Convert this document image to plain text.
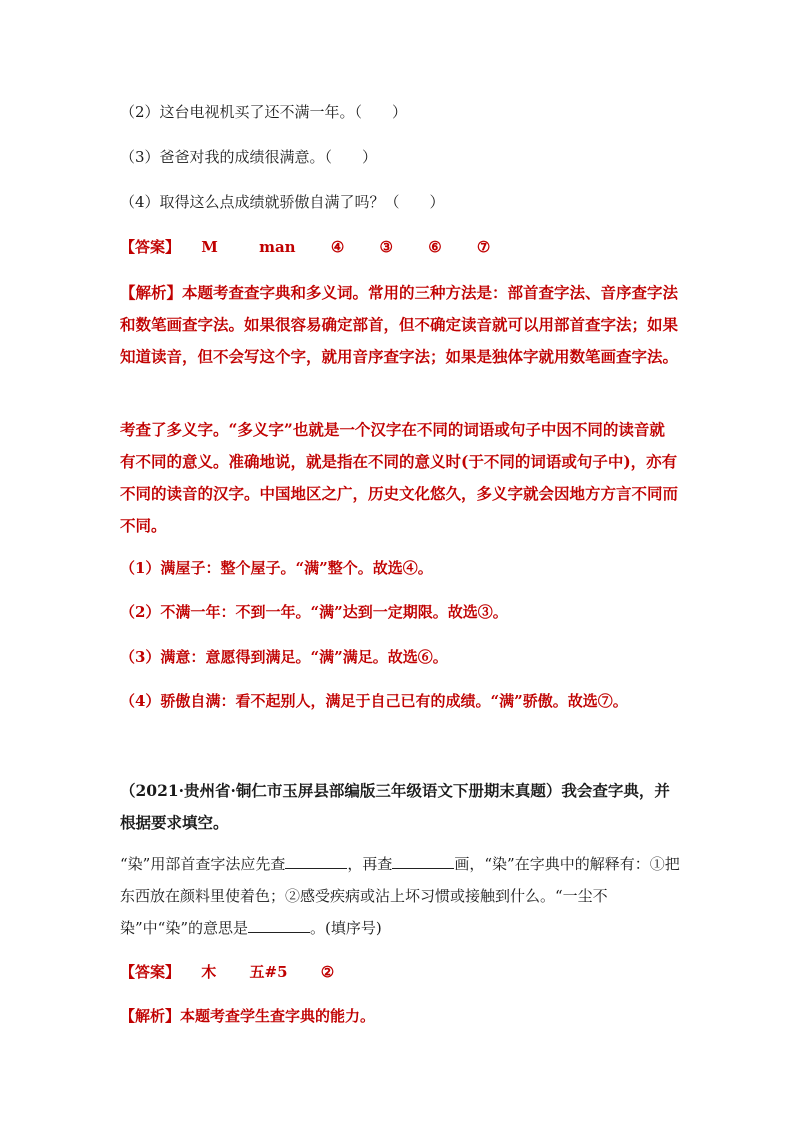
（2）这台电视机买了还不满一年。（　　）
（3）爸爸对我的成绩很满意。（　　）
（4）取得这么点成绩就骄傲自满了吗？（　　）
【答案】 M	man ④ ③ ⑥ ⑦
【解析】本题考查查字典和多义词。常用的三种方法是：部首查字法、音序查字法和数笔画查字法。如果很容易确定部首，但不确定读音就可以用部首查字法；如果知道读音，但不会写这个字，就用音序查字法；如果是独体字就用数笔画查字法。
考查了多义字。“多义字”也就是一个汉字在不同的词语或句子中因不同的读音就有不同的意义。准确地说，就是指在不同的意义时(于不同的词语或句子中)，亦有不同的读音的汉字。中国地区之广，历史文化悠久，多义字就会因地方方言不同而不同。
（1）满屋子：整个屋子。“满”整个。故选④。
（2）不满一年：不到一年。“满”达到一定期限。故选③。
（3）满意：意愿得到满足。“满”满足。故选⑥。
（4）骄傲自满：看不起别人，满足于自己已有的成绩。“满”骄傲。故选⑦。
（2021·贵州省·铜仁市玉屏县部编版三年级语文下册期末真题）我会查字典，并根据要求填空。
“染”用部首查字法应先查	，再查	画，“染”在字典中的解释有：①把东西放在颜料里使着色；②感受疾病或沾上坏习惯或接触到什么。“一尘不染”中“染”的意思是	。(填序号)
【答案】 木 五#5 ②
【解析】本题考查学生查字典的能力。
